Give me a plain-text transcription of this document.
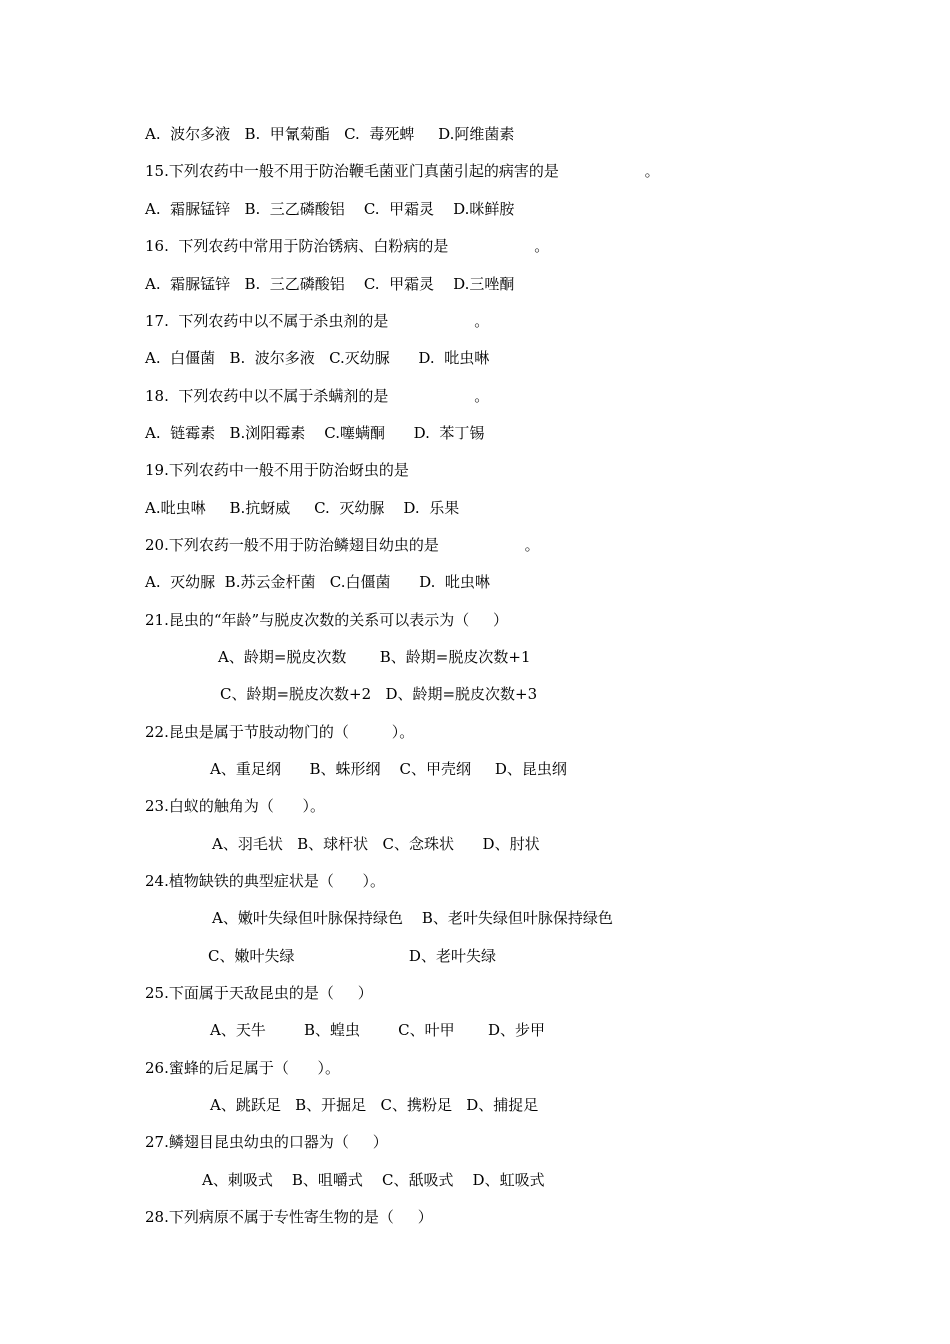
A.  波尔多液   B.  甲氰菊酯   C.  毒死蜱     D.阿维菌素
15.下列农药中一般不用于防治鞭毛菌亚门真菌引起的病害的是                  。
A.  霜脲锰锌   B.  三乙磷酸铝    C.  甲霜灵    D.咪鲜胺
16.  下列农药中常用于防治锈病、白粉病的是                  。
A.  霜脲锰锌   B.  三乙磷酸铝    C.  甲霜灵    D.三唑酮
17.  下列农药中以不属于杀虫剂的是                  。
A.  白僵菌   B.  波尔多液   C.灭幼脲      D.  吡虫啉
18.  下列农药中以不属于杀螨剂的是                  。
A.  链霉素   B.浏阳霉素    C.噻螨酮      D.  苯丁锡
19.下列农药中一般不用于防治蚜虫的是
A.吡虫啉     B.抗蚜威     C.  灭幼脲    D.  乐果
20.下列农药一般不用于防治鳞翅目幼虫的是                  。
A.  灭幼脲  B.苏云金杆菌   C.白僵菌      D.  吡虫啉
21.昆虫的“年龄”与脱皮次数的关系可以表示为（     ）
A、龄期=脱皮次数       B、龄期=脱皮次数+1
C、龄期=脱皮次数+2   D、龄期=脱皮次数+3
22.昆虫是属于节肢动物门的（         ）。
A、重足纲      B、蛛形纲    C、甲壳纲     D、昆虫纲
23.白蚁的触角为（      ）。
A、羽毛状   B、球杆状   C、念珠状      D、肘状
24.植物缺铁的典型症状是（      ）。
A、嫩叶失绿但叶脉保持绿色    B、老叶失绿但叶脉保持绿色
C、嫩叶失绿                        D、老叶失绿
25.下面属于天敌昆虫的是（     ）
A、天牛        B、蝗虫        C、叶甲       D、步甲
26.蜜蜂的后足属于（      ）。
A、跳跃足   B、开掘足   C、携粉足   D、捕捉足
27.鳞翅目昆虫幼虫的口器为（     ）
A、刺吸式    B、咀嚼式    C、舐吸式    D、虹吸式
28.下列病原不属于专性寄生物的是（     ）
